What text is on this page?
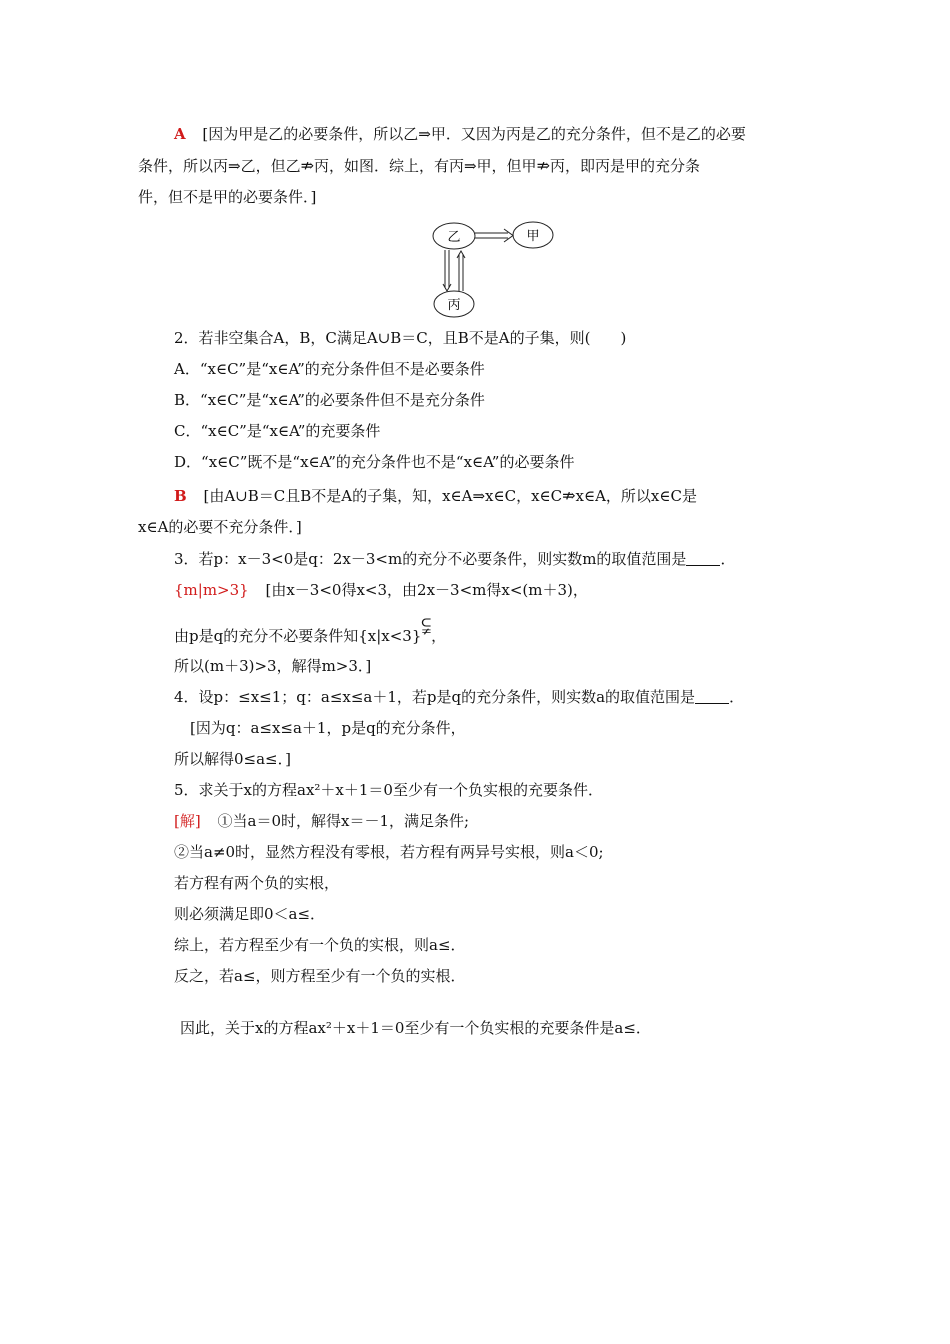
A [因为甲是乙的必要条件，所以乙⇒甲．又因为丙是乙的充分条件，但不是乙的必要
条件，所以丙⇒乙，但乙⇏丙，如图．综上，有丙⇒甲，但甲⇏丙，即丙是甲的充分条
件，但不是甲的必要条件．]
乙	甲
丙
2．若非空集合A，B，C满足A∪B＝C，且B不是A的子集，则(　　)
A．“x∈C”是“x∈A”的充分条件但不是必要条件
B．“x∈C”是“x∈A”的必要条件但不是充分条件
C．“x∈C”是“x∈A”的充要条件
D．“x∈C”既不是“x∈A”的充分条件也不是“x∈A”的必要条件
B [由A∪B＝C且B不是A的子集，知，x∈A⇒x∈C，x∈C⇏x∈A，所以x∈C是
x∈A的必要不充分条件．]
3．若p：x－3<0是q：2x－3<m的充分不必要条件，则实数m的取值范围是 ．
{m|m>3} [由x－3<0得x<3，由2x－3<m得x<(m＋3)，
由p是q的充分不必要条件知{x|x<3}⫋，
所以(m＋3)>3，解得m>3．]
4．设p：≤x≤1；q：a≤x≤a＋1，若p是q的充分条件，则实数a的取值范围是 ．
[因为q：a≤x≤a＋1，p是q的充分条件，
所以解得0≤a≤．]
5．求关于x的方程ax²＋x＋1＝0至少有一个负实根的充要条件．
[解] ①当a＝0时，解得x＝－1，满足条件;
②当a≠0时，显然方程没有零根，若方程有两异号实根，则a＜0;
若方程有两个负的实根，
则必须满足即0＜a≤．
综上，若方程至少有一个负的实根，则a≤．
反之，若a≤，则方程至少有一个负的实根．
因此，关于x的方程ax²＋x＋1＝0至少有一个负实根的充要条件是a≤．
